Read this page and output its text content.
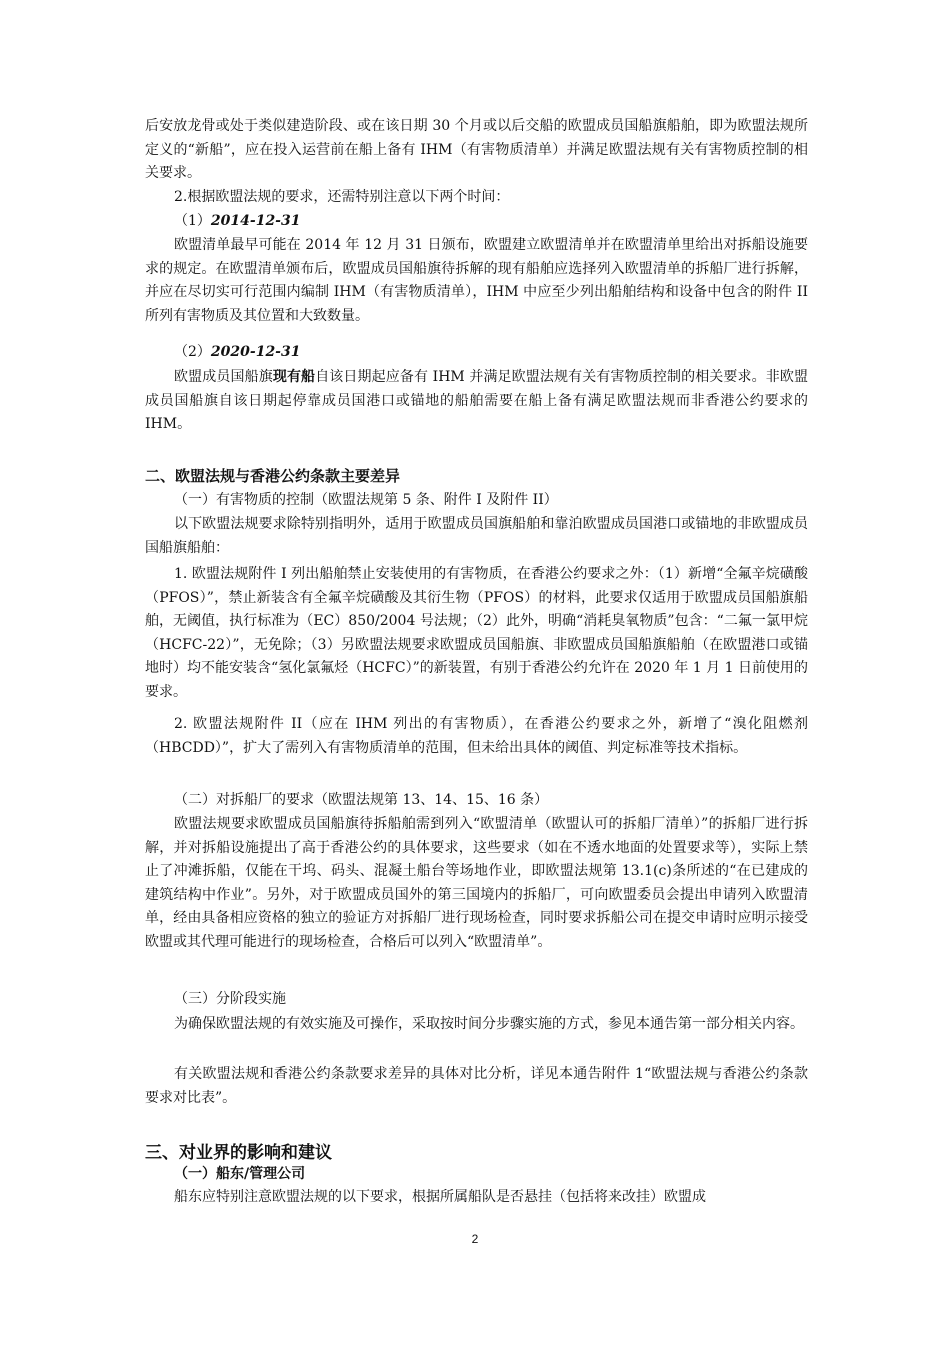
后安放龙骨或处于类似建造阶段、或在该日期 30 个月或以后交船的欧盟成员国船旗船舶，即为欧盟法规所定义的“新船”，应在投入运营前在船上备有 IHM（有害物质清单）并满足欧盟法规有关有害物质控制的相关要求。

2.根据欧盟法规的要求，还需特别注意以下两个时间：

（1）2014-12-31

欧盟清单最早可能在 2014 年 12 月 31 日颁布，欧盟建立欧盟清单并在欧盟清单里给出对拆船设施要求的规定。在欧盟清单颁布后，欧盟成员国船旗待拆解的现有船舶应选择列入欧盟清单的拆船厂进行拆解，并应在尽切实可行范围内编制 IHM（有害物质清单），IHM 中应至少列出船舶结构和设备中包含的附件 II 所列有害物质及其位置和大致数量。

（2）2020-12-31

欧盟成员国船旗现有船自该日期起应备有 IHM 并满足欧盟法规有关有害物质控制的相关要求。非欧盟成员国船旗自该日期起停靠成员国港口或锚地的船舶需要在船上备有满足欧盟法规而非香港公约要求的 IHM。

二、欧盟法规与香港公约条款主要差异

（一）有害物质的控制（欧盟法规第 5 条、附件 I 及附件 II）

以下欧盟法规要求除特别指明外，适用于欧盟成员国旗船舶和靠泊欧盟成员国港口或锚地的非欧盟成员国船旗船舶：

1. 欧盟法规附件 I 列出船舶禁止安装使用的有害物质，在香港公约要求之外：（1）新增“全氟辛烷磺酸（PFOS）”，禁止新装含有全氟辛烷磺酸及其衍生物（PFOS）的材料，此要求仅适用于欧盟成员国船旗船舶，无阈值，执行标准为（EC）850/2004 号法规；（2）此外，明确“消耗臭氧物质”包含：“二氟一氯甲烷（HCFC-22）”，无免除；（3）另欧盟法规要求欧盟成员国船旗、非欧盟成员国船旗船舶（在欧盟港口或锚地时）均不能安装含“氢化氯氟烃（HCFC）”的新装置，有别于香港公约允许在 2020 年 1 月 1 日前使用的要求。

2. 欧盟法规附件 II（应在 IHM 列出的有害物质），在香港公约要求之外，新增了“溴化阻燃剂（HBCDD）”，扩大了需列入有害物质清单的范围，但未给出具体的阈值、判定标准等技术指标。

（二）对拆船厂的要求（欧盟法规第 13、14、15、16 条）

欧盟法规要求欧盟成员国船旗待拆船舶需到列入“欧盟清单（欧盟认可的拆船厂清单）”的拆船厂进行拆解，并对拆船设施提出了高于香港公约的具体要求，这些要求（如在不透水地面的处置要求等），实际上禁止了冲滩拆船，仅能在干坞、码头、混凝土船台等场地作业，即欧盟法规第 13.1(c)条所述的“在已建成的建筑结构中作业”。另外，对于欧盟成员国外的第三国境内的拆船厂，可向欧盟委员会提出申请列入欧盟清单，经由具备相应资格的独立的验证方对拆船厂进行现场检查，同时要求拆船公司在提交申请时应明示接受欧盟或其代理可能进行的现场检查，合格后可以列入“欧盟清单”。

（三）分阶段实施

为确保欧盟法规的有效实施及可操作，采取按时间分步骤实施的方式，参见本通告第一部分相关内容。

有关欧盟法规和香港公约条款要求差异的具体对比分析，详见本通告附件 1“欧盟法规与香港公约条款要求对比表”。

三、对业界的影响和建议

（一）船东/管理公司

船东应特别注意欧盟法规的以下要求，根据所属船队是否悬挂（包括将来改挂）欧盟成

2
